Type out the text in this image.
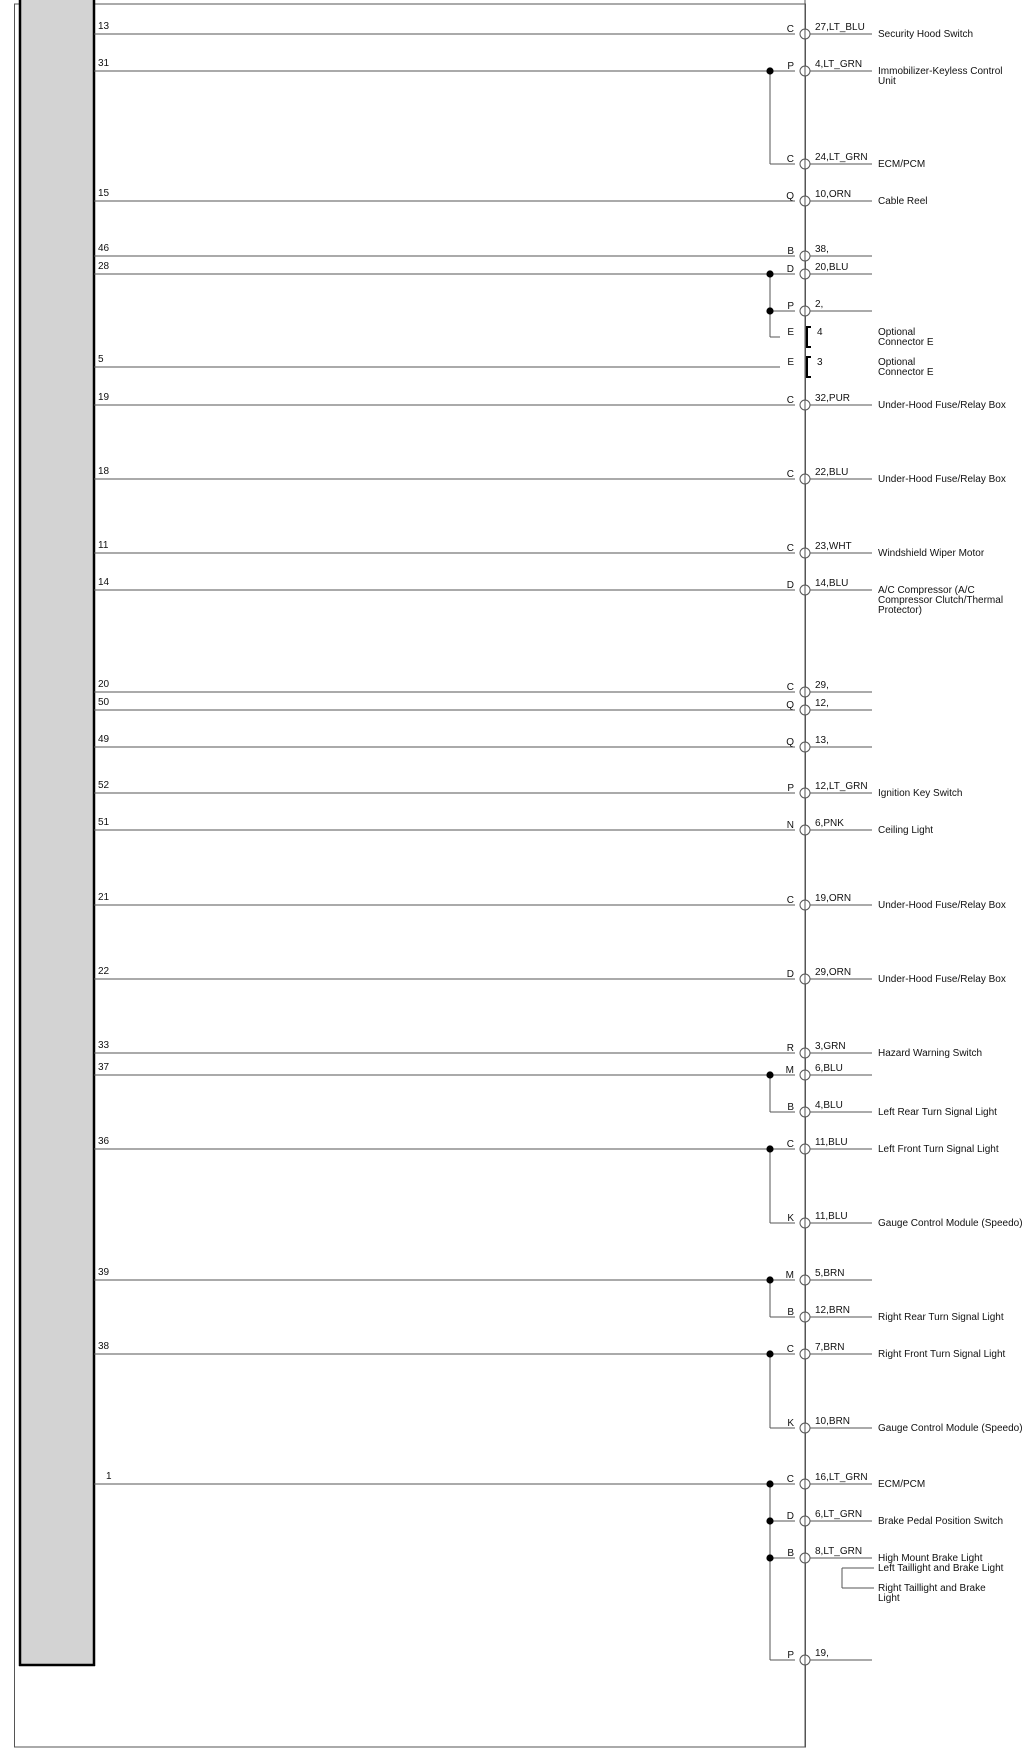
13	C 27,LT_BLU
Security Hood Switch
31	P 4,LT_GRN
Immobilizer-Keyless Control
Unit
C 24,LT_GRN
ECM/PCM
15	Q 10,ORN
Cable Reel
46	B 38,
28	D 20,BLU
P 2,
E 4	Optional
Connector E
5	E 3	Optional
Connector E
19	C 32,PUR
Under-Hood Fuse/Relay Box
18	C 22,BLU
Under-Hood Fuse/Relay Box
11	C 23,WHT
Windshield Wiper Motor
14	D 14,BLU
A/C Compressor (A/C
Compressor Clutch/Thermal
Protector)
20	C 29,
50	Q 12,
49	Q 13,
52	P 12,LT_GRN
Ignition Key Switch
51	N 6,PNK
Ceiling Light
21	C 19,ORN
Under-Hood Fuse/Relay Box
22	D 29,ORN
Under-Hood Fuse/Relay Box
33	R 3,GRN
Hazard Warning Switch
37	M 6,BLU
B 4,BLU
Left Rear Turn Signal Light
36	C 11,BLU
Left Front Turn Signal Light
K 11,BLU
Gauge Control Module (Speedo)
39	M 5,BRN
B 12,BRN
Right Rear Turn Signal Light
38	C 7,BRN
Right Front Turn Signal Light
K 10,BRN
Gauge Control Module (Speedo)
1	C 16,LT_GRN
ECM/PCM
D 6,LT_GRN
Brake Pedal Position Switch
B 8,LT_GRN
High Mount Brake Light
Left Taillight and Brake Light
Right Taillight and Brake
Light
P 19,
